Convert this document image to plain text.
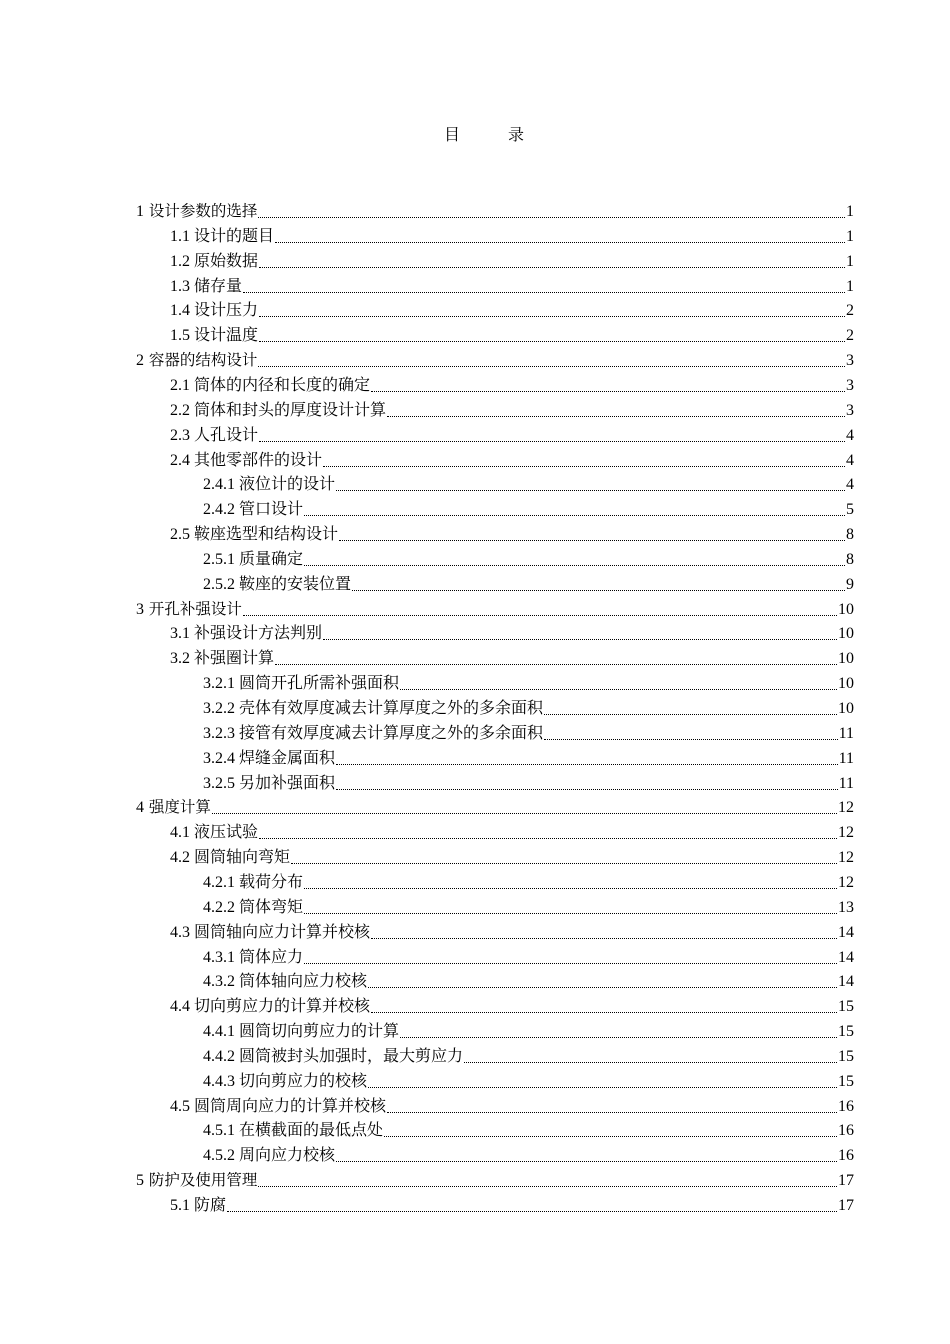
目 录
1 设计参数的选择	1
1.1 设计的题目	1
1.2 原始数据	1
1.3 储存量	1
1.4 设计压力	2
1.5 设计温度	2
2 容器的结构设计	3
2.1 筒体的内径和长度的确定	3
2.2 筒体和封头的厚度设计计算	3
2.3 人孔设计	4
2.4 其他零部件的设计	4
2.4.1 液位计的设计	4
2.4.2 管口设计	5
2.5 鞍座选型和结构设计	8
2.5.1 质量确定	8
2.5.2 鞍座的安装位置	9
3 开孔补强设计	10
3.1 补强设计方法判别	10
3.2 补强圈计算	10
3.2.1 圆筒开孔所需补强面积	10
3.2.2 壳体有效厚度减去计算厚度之外的多余面积	10
3.2.3 接管有效厚度减去计算厚度之外的多余面积	11
3.2.4 焊缝金属面积	11
3.2.5 另加补强面积	11
4 强度计算	12
4.1 液压试验	12
4.2 圆筒轴向弯矩	12
4.2.1 载荷分布	12
4.2.2 筒体弯矩	13
4.3 圆筒轴向应力计算并校核	14
4.3.1 筒体应力	14
4.3.2 筒体轴向应力校核	14
4.4 切向剪应力的计算并校核	15
4.4.1 圆筒切向剪应力的计算	15
4.4.2 圆筒被封头加强时，最大剪应力	15
4.4.3 切向剪应力的校核	15
4.5 圆筒周向应力的计算并校核	16
4.5.1 在横截面的最低点处	16
4.5.2 周向应力校核	16
5 防护及使用管理	17
5.1 防腐	17
